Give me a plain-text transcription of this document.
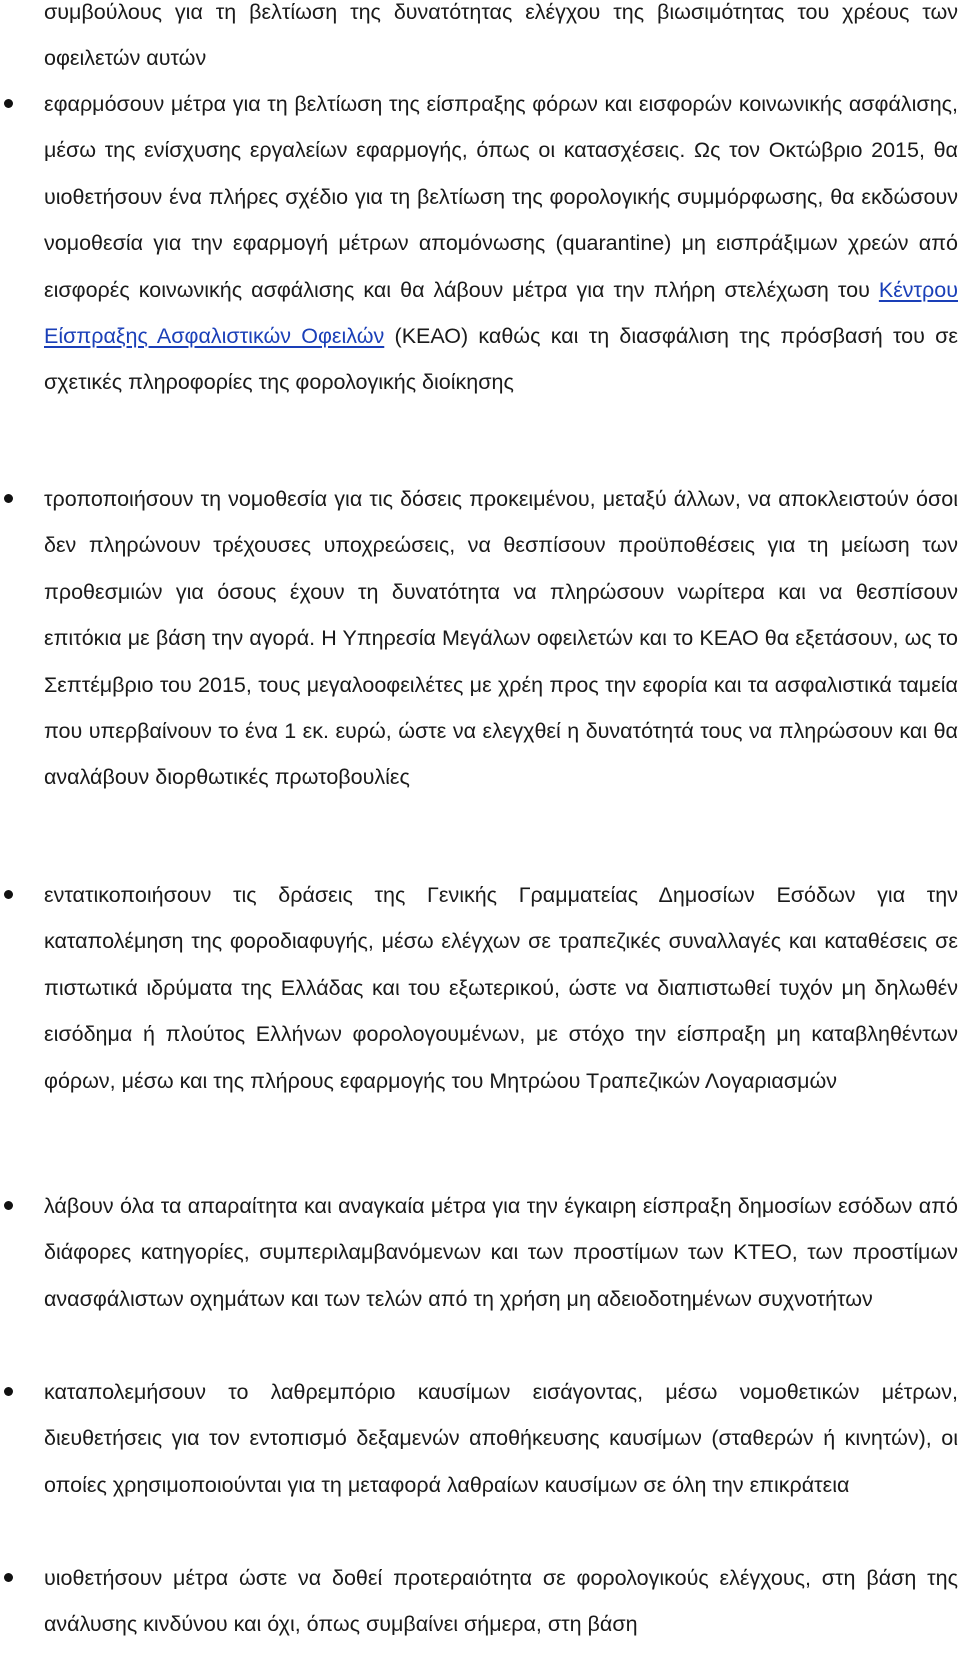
συμβούλους για τη βελτίωση της δυνατότητας ελέγχου της βιωσιμότητας του χρέους των οφειλετών αυτών

εφαρμόσουν μέτρα για τη βελτίωση της είσπραξης φόρων και εισφορών κοινωνικής ασφάλισης, μέσω της ενίσχυσης εργαλείων εφαρμογής, όπως οι κατασχέσεις. Ως τον Οκτώβριο 2015, θα υιοθετήσουν ένα πλήρες σχέδιο για τη βελτίωση της φορολογικής συμμόρφωσης, θα εκδώσουν νομοθεσία για την εφαρμογή μέτρων απομόνωσης (quarantine) μη εισπράξιμων χρεών από εισφορές κοινωνικής ασφάλισης και θα λάβουν μέτρα για την πλήρη στελέχωση του Κέντρου Είσπραξης Ασφαλιστικών Οφειλών (ΚΕΑΟ) καθώς και τη διασφάλιση της πρόσβασή του σε σχετικές πληροφορίες της φορολογικής διοίκησης

τροποποιήσουν τη νομοθεσία για τις δόσεις προκειμένου, μεταξύ άλλων, να αποκλειστούν όσοι δεν πληρώνουν τρέχουσες υποχρεώσεις, να θεσπίσουν προϋποθέσεις για τη μείωση των προθεσμιών για όσους έχουν τη δυνατότητα να πληρώσουν νωρίτερα και να θεσπίσουν επιτόκια με βάση την αγορά. Η Υπηρεσία Μεγάλων οφειλετών και το ΚΕΑΟ θα εξετάσουν, ως το Σεπτέμβριο του 2015, τους μεγαλοοφειλέτες με χρέη προς την εφορία και τα ασφαλιστικά ταμεία που υπερβαίνουν το ένα 1 εκ. ευρώ, ώστε να ελεγχθεί η δυνατότητά τους να πληρώσουν και θα αναλάβουν διορθωτικές πρωτοβουλίες

εντατικοποιήσουν τις δράσεις της Γενικής Γραμματείας Δημοσίων Εσόδων για την καταπολέμηση της φοροδιαφυγής, μέσω ελέγχων σε τραπεζικές συναλλαγές και καταθέσεις σε πιστωτικά ιδρύματα της Ελλάδας και του εξωτερικού, ώστε να διαπιστωθεί τυχόν μη δηλωθέν εισόδημα ή πλούτος Ελλήνων φορολογουμένων, με στόχο την είσπραξη μη καταβληθέντων φόρων, μέσω και της πλήρους εφαρμογής του Μητρώου Τραπεζικών Λογαριασμών

λάβουν όλα τα απαραίτητα και αναγκαία μέτρα για την έγκαιρη είσπραξη δημοσίων εσόδων από διάφορες κατηγορίες, συμπεριλαμβανόμενων και των προστίμων των ΚΤΕΟ, των προστίμων ανασφάλιστων οχημάτων και των τελών από τη χρήση μη αδειοδοτημένων συχνοτήτων

καταπολεμήσουν το λαθρεμπόριο καυσίμων εισάγοντας, μέσω νομοθετικών μέτρων, διευθετήσεις για τον εντοπισμό δεξαμενών αποθήκευσης καυσίμων (σταθερών ή κινητών), οι οποίες χρησιμοποιούνται για τη μεταφορά λαθραίων καυσίμων σε όλη την επικράτεια

υιοθετήσουν μέτρα ώστε να δοθεί προτεραιότητα σε φορολογικούς ελέγχους, στη βάση της ανάλυσης κινδύνου και όχι, όπως συμβαίνει σήμερα, στη βάση
